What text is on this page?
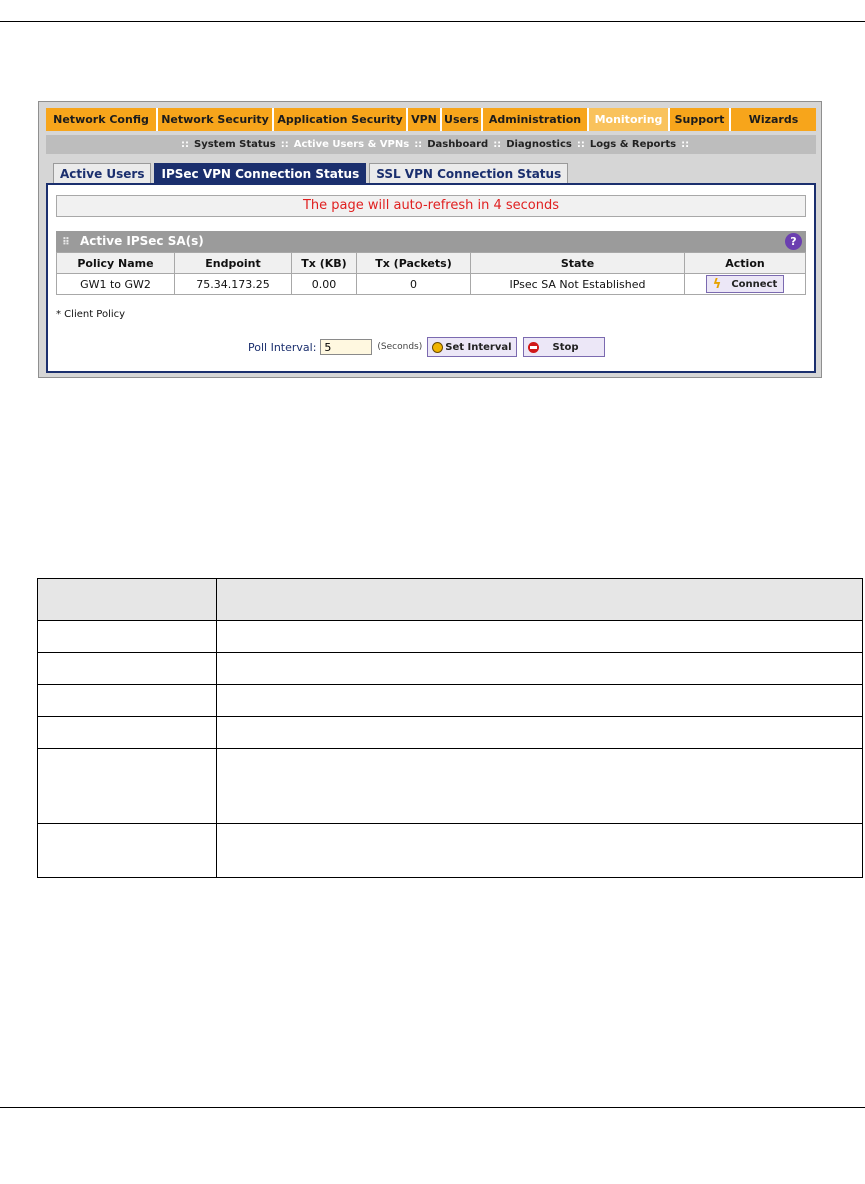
Network Config	Network Security Application Security VPN Users Administration	Monitoring	Support	Wizards
:: System Status :: Active Users & VPNs :: Dashboard :: Diagnostics :: Logs & Reports ::
Active Users	IPSec VPN Connection Status	SSL VPN Connection Status
The page will auto-refresh in 4 seconds
⠿ Active IPSec SA(s)	?
Policy Name	Endpoint	Tx (KB)	Tx (Packets)	State	Action
GW1 to GW2	75.34.173.25	0.00	0	IPsec SA Not Established	ϟ Connect
* Client Policy
Poll Interval:
5	(Seconds) Set Interval	Stop
